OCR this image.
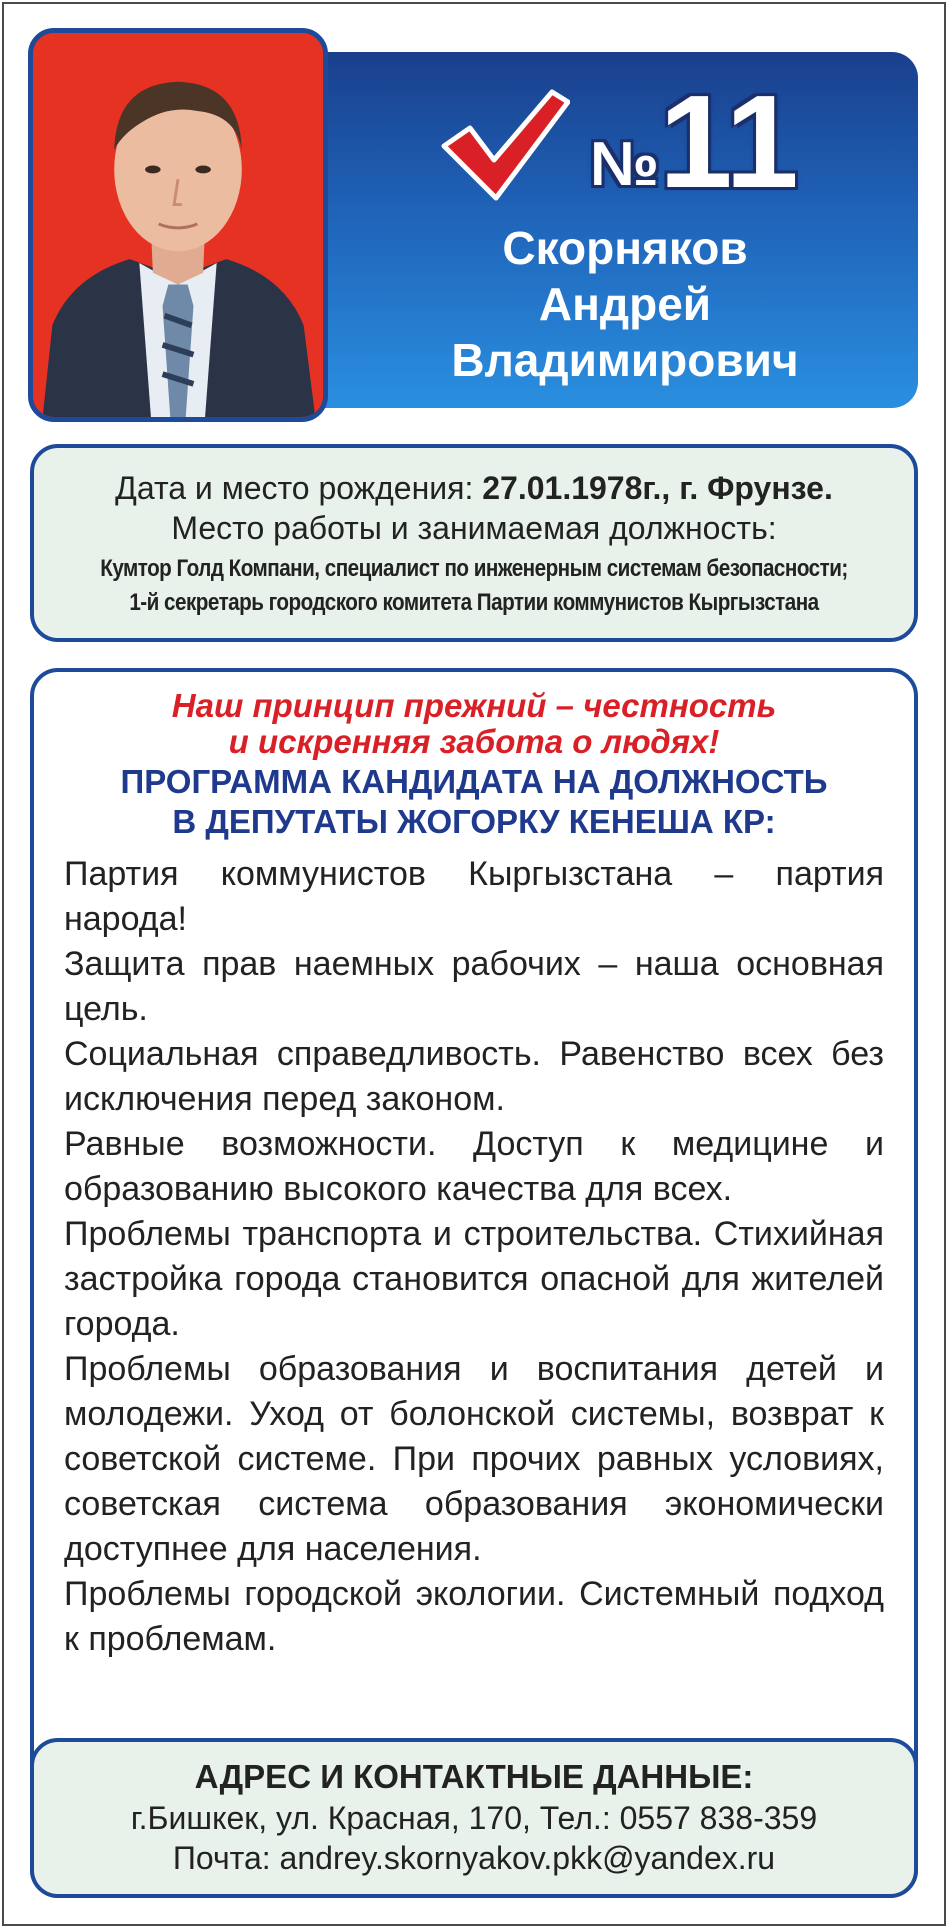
№ 11
Скорняков
Андрей
Владимирович
Дата и место рождения: 27.01.1978г., г. Фрунзе.
Место работы и занимаемая должность:
Кумтор Голд Компани, специалист по инженерным системам безопасности;
1-й секретарь городского комитета Партии коммунистов Кыргызстана
Наш принцип прежний – честность
и искренняя забота о людях!
ПРОГРАММА КАНДИДАТА НА ДОЛЖНОСТЬ
В ДЕПУТАТЫ ЖОГОРКУ КЕНЕША КР:

Партия коммунистов Кыргызстана – партия народа!

Защита прав наемных рабочих – наша основная цель.

Социальная справедливость. Равенство всех без исключения перед законом.

Равные возможности. Доступ к медицине и образованию высокого качества для всех.

Проблемы транспорта и строительства. Стихийная застройка города становится опасной для жителей города.

Проблемы образования и воспитания детей и молодежи. Уход от болонской системы, возврат к советской системе. При прочих равных условиях, советская система образования экономически доступнее для населения.

Проблемы городской экологии. Системный подход к проблемам.

АДРЕС И КОНТАКТНЫЕ ДАННЫЕ:
г.Бишкек, ул. Красная, 170, Тел.: 0557 838-359
Почта: andrey.skornyakov.pkk@yandex.ru
